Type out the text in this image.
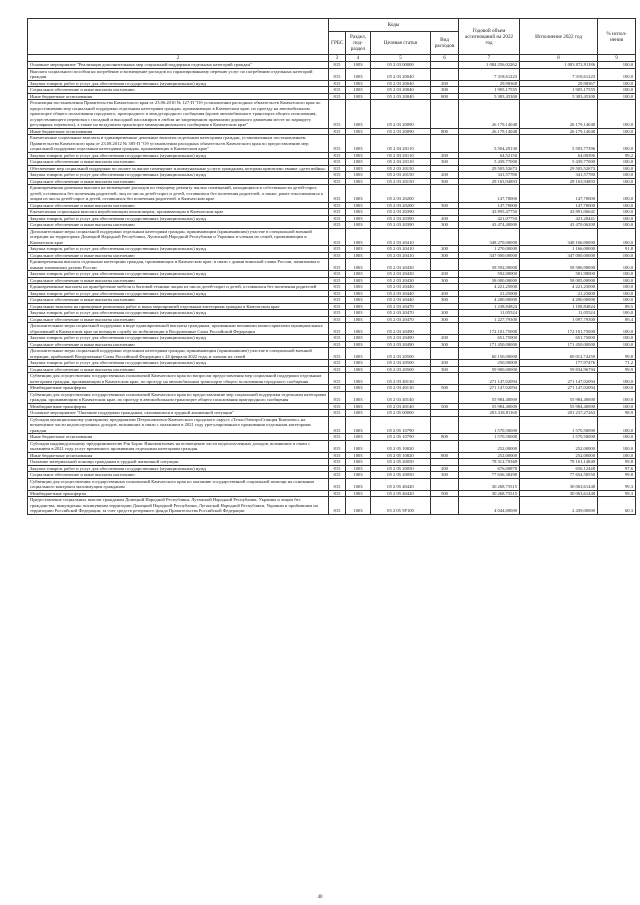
	Коды				Годовой объем ассигнований на 2022 год	Исполнение 2022 год	% испол-нения
	ГРБС	Раздел, под-раздел	Целевая статья	Вид расходов			
2	3	4	5	6	7	8	9
Основное мероприятие "Реализация дополнительных мер социальной поддержки отдельных категорий граждан"	815	1003	05 2 03 00000		1 084 256,02262	1 083 872,91186	100,0
Выплата социального пособия на погребение и возмещение расходов по гарантированному перечню услуг по погребению отдельных категорий граждан	815	1003	05 2 03 20040		7 318,61223	7 318,61223	100,0
Закупка товаров, работ и услуг для обеспечения государственных (муниципальных) нужд	815	1003	05 2 03 20040	200	29,98368	29,98367	100,0
Социальное обеспечение и иные выплаты населению	815	1003	05 2 03 20040	300	1 905,17555	1 905,17555	100,0
Иные бюджетные ассигнования	815	1003	05 2 03 20040	800	5 383,45300	5 383,45300	100,0
Реализация постановления Правительства Камчатского края от 23.06.2010 № 127-П "Об установлении расходных обязательств Камчатского края по предоставлению мер социальной поддержки отдельным категориям граждан, проживающих в Камчатском крае, по проезду на автомобильном транспорте общего пользования городского, пригородного и междугородного сообщения (кроме автомобильного транспорта общего пользования, осуществляющего перевозки с посадкой и высадкой пассажиров в любом не запрещенном правилами дорожного движения месте по маршруту регулярных перевозок), а также на воздушном транспорте межмуниципального сообщения в Камчатском крае"	815	1003	05 2 03 20090		26 179,14048	26 179,14048	100,0
Иные бюджетные ассигнования	815	1003	05 2 03 20090	800	26 179,14048	26 179,14048	100,0
Ежемесячные социальные выплаты и единовременные денежные выплаты отдельным категориям граждан, установленным постановлением Правительства Камчатского края от 23.08.2012 № 385-П "Об установлении расходных обязательств Камчатского края по предоставлению мер социальной поддержки отдельным категориям граждан, проживающих в Камчатском крае"	815	1003	05 2 03 20110		5 504,29130	5 503,77396	100,0
Закупка товаров, работ и услуг для обеспечения государственных (муниципальных) нужд	815	1003	05 2 03 20110	200	64,52150	64,00396	99,2
Социальное обеспечение и иные выплаты населению	815	1003	05 2 03 20110	300	5 439,77000	5 439,77000	100,0
Обеспечение мер социальной поддержки по оплате за жилое помещение и коммунальные услуги гражданам, которым присвоено звание «дети войны»	815	1003	05 2 03 20150		29 505,52673	29 505,52673	100,0
Закупка товаров, работ и услуг для обеспечения государственных (муниципальных) нужд	815	1003	05 2 03 20150	200	341,57780	341,57780	100,0
Социальное обеспечение и иные выплаты населению	815	1003	05 2 03 20150	300	29 163,94893	29 163,94893	100,0
Единовременная денежная выплата на возмещение расходов по текущему ремонту жилых помещений, находящихся в собственности детей-сирот, детей, оставшихся без попечения родителей, лиц из числа детей-сирот и детей, оставшихся без попечения родителей, а также, ранее относившимся к лицам из числа детей-сирот и детей, оставшихся без попечения родителей, в Камчатском крае	815	1003	05 2 03 20200		147,70000	147,70000	100,0
Социальное обеспечение и иные выплаты населению	815	1003	05 2 03 20200	300	147,70000	147,70000	100,0
Ежемесячная социальная выплата неработающим пенсионерам, проживающим в Камчатском крае	815	1003	05 2 03 20390		43 895,47750	43 891,06641	100,0
Закупка товаров, работ и услуг для обеспечения государственных (муниципальных) нужд	815	1003	05 2 03 20390	200	421,07750	421,20441	100,0
Социальное обеспечение и иные выплаты населению	815	1003	05 2 03 20390	300	43 474,40000	43 470,06200	100,0
Дополнительные меры социальной поддержки отдельным категориям граждан, принимающим (принимавшим) участие в специальной военной операции на территориях Донецкой Народной Республики, Луганской Народной Республики и Украины и членам их семей, проживающим в Камчатском крае	815	1003	05 2 03 20410		348 270,00000	348 166,00000	100,0
Закупка товаров, работ и услуг для обеспечения государственных (муниципальных) нужд	815	1003	05 2 03 20410	200	1 270,00000	1 166,00000	91,8
Социальное обеспечение и иные выплаты населению	815	1003	05 2 03 20410	300	347 000,00000	347 000,00000	100,0
Единовременная выплата отдельным категориям граждан, проживающих в Камчатском крае, в связи с днями воинской славы России, памятными и иными значимыми датами России	815	1003	05 2 03 20430		58 592,00000	58 586,98000	100,0
Закупка товаров, работ и услуг для обеспечения государственных (муниципальных) нужд	815	1003	05 2 03 20430	200	592,00000	581,98000	100,0
Социальное обеспечение и иные выплаты населению	815	1003	05 2 03 20430	300	58 000,00000	58 005,00000	100,0
Единовременные выплаты на приобретение мебели и бытовой техники лицам из числа детей-сирот и детей, оставшихся без попечения родителей	815	1003	05 2 03 20440		4 221,25000	4 221,25000	100,0
Закупка товаров, работ и услуг для обеспечения государственных (муниципальных) нужд	815	1003	05 2 03 20440	200	21,25000	21,25000	100,0
Социальное обеспечение и иные выплаты населению	815	1003	05 2 03 20440	300	4 200,00000	4 200,00000	100,0
Социальные выплаты на проведение ремонтных работ и иных мероприятий отдельным категориям граждан в Камчатском крае	815	1003	05 2 03 20470		1 238,84824	1 108,84824	89,5
Закупка товаров, работ и услуг для обеспечения государственных (муниципальных) нужд	815	1003	05 2 03 20470	200	11,05524	11,05524	100,0
Социальное обеспечение и иные выплаты населению	815	1003	05 2 03 20470	300	1 227,79300	1 097,79300	89,4
Дополнительные меры социальной поддержки в виде единовременной выплаты гражданам, призванным военными комиссариатами муниципальных образований в Камчатском крае на военную службу по мобилизации в Вооруженные Силы Российской Федерации	815	1003	05 2 03 20490		172 101,75000	172 101,75000	100,0
Закупка товаров, работ и услуг для обеспечения государственных (муниципальных) нужд	815	1003	05 2 03 20490	200	651,75000	651,75000	100,0
Социальное обеспечение и иные выплаты населению	815	1003	05 2 03 20490	300	171 450,00000	171 450,00000	100,0
Дополнительные меры социальной поддержки отдельным категориям граждан, принимающим (принимавшим) участие в специальной военной операции, прибывшей Вооруженные Силы Российской Федерации с 24 февраля 2022 года, и членам их семей	815	1003	05 2 03 20500		60 150,00000	60 012,74250	99,8
Закупка товаров, работ и услуг для обеспечения государственных (муниципальных) нужд	815	1003	05 2 03 20500	200	250,00000	177,97476	71,2
Социальное обеспечение и иные выплаты населению	815	1003	05 2 03 20500	300	59 900,00000	59 834,96794	99,9
Субвенции для осуществления государственных полномочий Камчатского края по вопросам предоставления мер социальной поддержки отдельным категориям граждан, проживающим в Камчатском крае, по проезду на автомобильном транспорте общего пользования городского сообщения	815	1003	05 2 03 40130		271 147,02094	271 147,02094	100,0
Межбюджетные трансферты	815	1003	05 2 03 40130	500	271 147,02094	271 147,02094	100,0
Субвенции для осуществления государственных полномочий Камчатского края по предоставлению мер социальной поддержки отдельным категориям граждан, проживающим в Камчатском крае, по проезду в автомобильном транспорте общего пользования пригородного сообщения	815	1003	05 2 03 40140		55 984,40000	55 984,40000	100,0
Межбюджетные трансферты	815	1003	05 2 03 40140	500	55 984,40000	55 984,40000	100,0
Основное мероприятие "Оказание поддержки гражданам, оказавшимся в трудной жизненной ситуации"	815	1003	05 2 05 00000		203 418,81160	201 237,27263	98,9
Субсидия муниципальному унитарному предприятию Петропавловск-Камчатского городского округа «ТеплоЭлектроСтанция Комплекс» на возмещение части недополученных доходов, возникших в связи с оказанием в 2021 году урегулированного проживания отдельным категориям граждан	815	1003	05 2 05 10790		1 570,50000	1 570,50000	100,0
Иные бюджетные ассигнования	815	1003	05 2 05 10790	800	1 570,50000	1 570,50000	100,0
Субсидия индивидуальному предпринимателю Рзи Борис Иннокентьевич на возмещение части недополученных доходов, возникших в связи с оказанием в 2021 году услуг временного проживания отдельным категориям граждан	815	1003	05 2 05 10820		252,00000	252,00000	100,0
Иные бюджетные ассигнования	815	1003	05 2 05 10820	800	252,00000	252,00000	100,0
Оказание материальной помощи гражданам в трудной жизненной ситуации	815	1003	05 2 05 20050		78 312,70368	78 161,14840	99,8
Закупка товаров, работ и услуг для обеспечения государственных (муниципальных) нужд	815	1003	05 2 05 20050	200	676,00878	656,12448	97,6
Социальное обеспечение и иные выплаты населению	815	1003	05 2 05 20050	300	77 636,38290	77 654,58550	99,8
Субвенции для осуществления государственных полномочий Камчатского края по оказанию государственной социальной помощи на основании социального контракта малоимущим гражданам	815	1003	05 2 05 40420		30 268,75515	30 063,61448	99,3
Межбюджетные трансферты	815	1003	05 2 05 40420	500	30 268,75515	30 063,61448	99,3
Предоставление социальных выплат гражданам Донецкой Народной Республики, Луганской Народной Республики, Украины и лицам без гражданства, вынужденно покинувшим территории Донецкой Народной Республики, Луганской Народной Республики, Украины и прибывшим на территорию Российской Федерации, за счет средств резервного фонда Правительства Российской Федерации	815	1003	05 2 05 5Р100		4 044,00000	2 439,00000	60,3
40
